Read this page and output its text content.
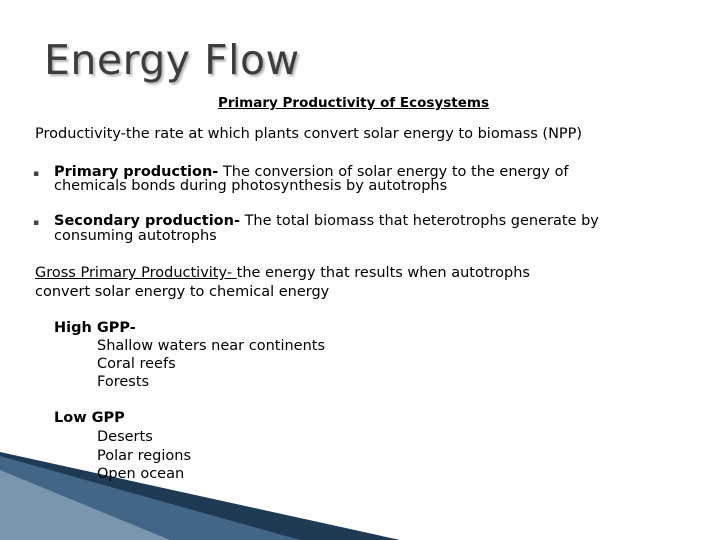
Energy Flow
Primary Productivity of Ecosystems
Productivity-the rate at which plants convert solar energy to biomass (NPP)
▪ Primary production- The conversion of solar energy to the energy of
chemicals bonds during photosynthesis by autotrophs
▪ Secondary production- The total biomass that heterotrophs generate by
consuming autotrophs
Gross Primary Productivity- the energy that results when autotrophs
convert solar energy to chemical energy
High GPP-
Shallow waters near continents
Coral reefs
Forests
Low GPP
Deserts
Polar regions
Open ocean
